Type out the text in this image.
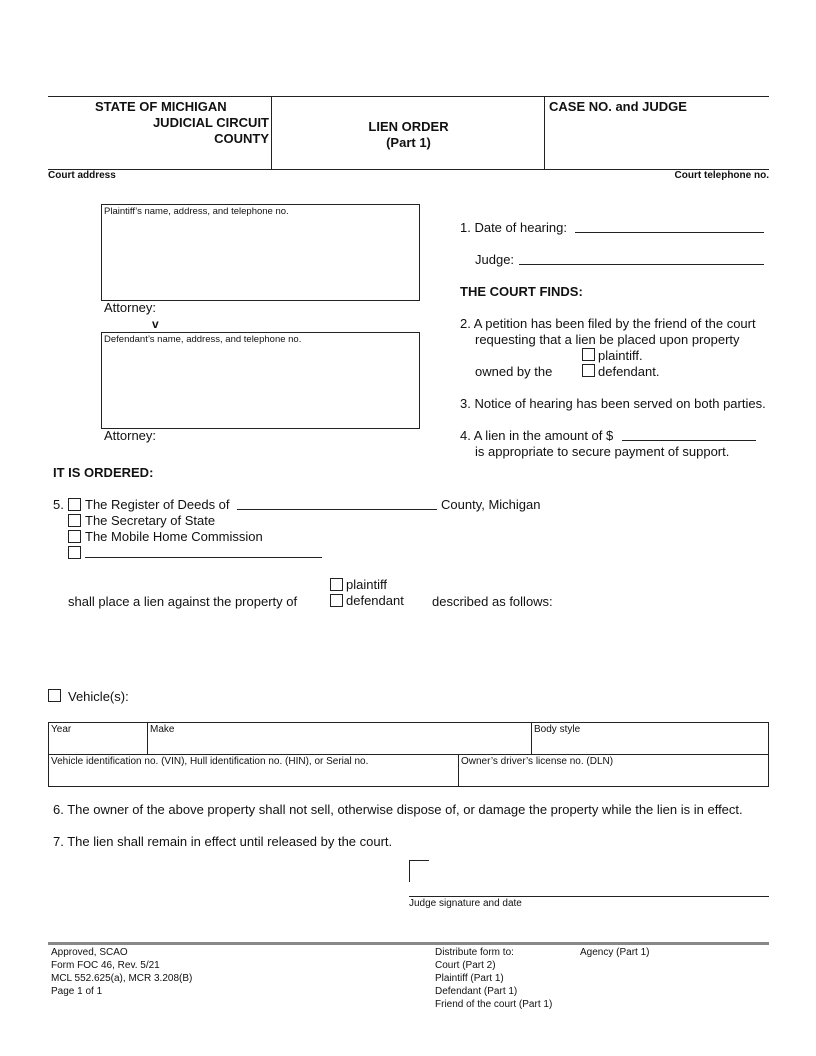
STATE OF MICHIGAN
JUDICIAL CIRCUIT
COUNTY
LIEN ORDER
(Part 1)
CASE NO. and JUDGE
Court address	Court telephone no.
Plaintiff’s name, address, and telephone no.
Attorney:
v
Defendant’s name, address, and telephone no.
Attorney:
1. Date of hearing:
Judge:
THE COURT FINDS:
2. A petition has been filed by the friend of the court
requesting that a lien be placed upon property
plaintiff.
owned by the	defendant.
3. Notice of hearing has been served on both parties.
4. A lien in the amount of $
is appropriate to secure payment of support.
IT IS ORDERED:
5. The Register of Deeds of	County, Michigan
The Secretary of State
The Mobile Home Commission
plaintiff
shall place a lien against the property of	defendant described as follows:
Vehicle(s):
Year	Make	Body style
Vehicle identification no. (VIN), Hull identification no. (HIN), or Serial no.	Owner’s driver’s license no. (DLN)
6. The owner of the above property shall not sell, otherwise dispose of, or damage the property while the lien is in effect.
7. The lien shall remain in effect until released by the court.
Judge signature and date
Approved, SCAO
Form FOC 46, Rev. 5/21
MCL 552.625(a), MCR 3.208(B)
Page 1 of 1
Distribute form to:
Court (Part 2)
Plaintiff (Part 1)
Defendant (Part 1)
Friend of the court (Part 1)
Agency (Part 1)
